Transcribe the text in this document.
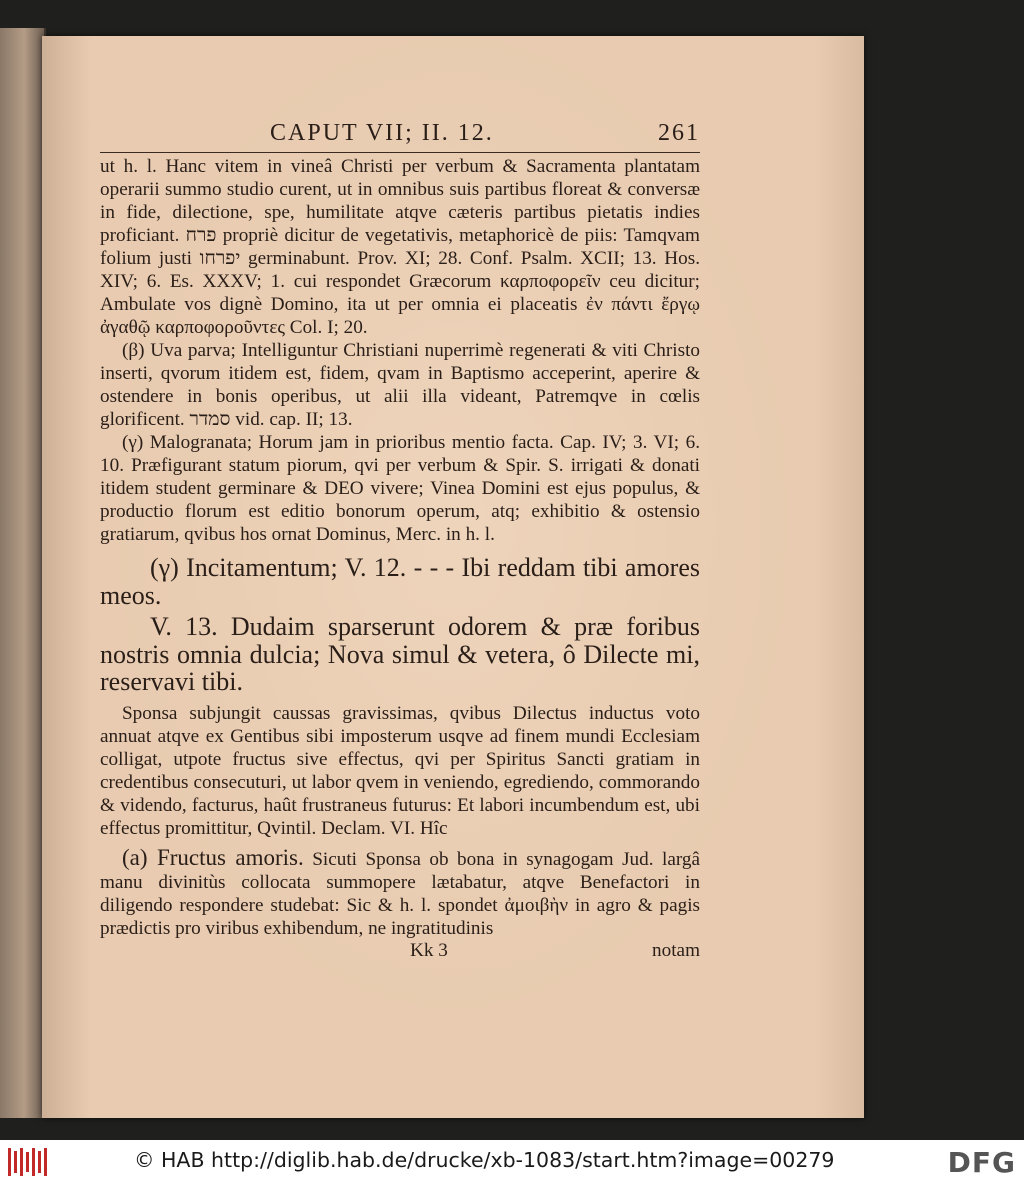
CAPUT VII; II. 12.	261

ut h. l. Hanc vitem in vineâ Christi per verbum & Sacramenta plantatam operarii summo studio curent, ut in omnibus suis partibus floreat & conversæ in fide, dilectione, spe, humilitate atqve cæteris partibus pietatis indies proficiant. פרח propriè dicitur de vegetativis, metaphoricè de piis: Tamqvam folium justi יפרחו germinabunt. Prov. XI; 28. Conf. Psalm. XCII; 13. Hos. XIV; 6. Es. XXXV; 1. cui respondet Græcorum καρποφορεῖν ceu dicitur; Ambulate vos dignè Domino, ita ut per omnia ei placeatis ἐν πάντι ἔργῳ ἀγαθῷ καρποφοροῦντες Col. I; 20.

(β) Uva parva; Intelliguntur Christiani nuperrimè regenerati & viti Christo inserti, qvorum itidem est, fidem, qvam in Baptismo acceperint, aperire & ostendere in bonis operibus, ut alii illa videant, Patremqve in cœlis glorificent. סמדר vid. cap. II; 13.

(γ) Malogranata; Horum jam in prioribus mentio facta. Cap. IV; 3. VI; 6. 10. Præfigurant statum piorum, qvi per verbum & Spir. S. irrigati & donati itidem student germinare & DEO vivere; Vinea Domini est ejus populus, & productio florum est editio bonorum operum, atq; exhibitio & ostensio gratiarum, qvibus hos ornat Dominus, Merc. in h. l.

(γ) Incitamentum; V. 12. - - - Ibi reddam tibi amores meos.

V. 13. Dudaim sparserunt odorem & præ foribus nostris omnia dulcia; Nova simul & vetera, ô Dilecte mi, reservavi tibi.

Sponsa subjungit caussas gravissimas, qvibus Dilectus inductus voto annuat atqve ex Gentibus sibi imposterum usqve ad finem mundi Ecclesiam colligat, utpote fructus sive effectus, qvi per Spiritus Sancti gratiam in credentibus consecuturi, ut labor qvem in veniendo, egrediendo, commorando & videndo, facturus, haût frustraneus futurus: Et labori incumbendum est, ubi effectus promittitur, Qvintil. Declam. VI. Hîc

(a) Fructus amoris. Sicuti Sponsa ob bona in synagogam Jud. largâ manu divinitùs collocata summopere lætabatur, atqve Benefactori in diligendo respondere studebat: Sic & h. l. spondet ἀμοιβὴν in agro & pagis prædictis pro viribus exhibendum, ne ingratitudinis

Kk 3	notam
© HAB http://diglib.hab.de/drucke/xb-1083/start.htm?image=00279	DFG
